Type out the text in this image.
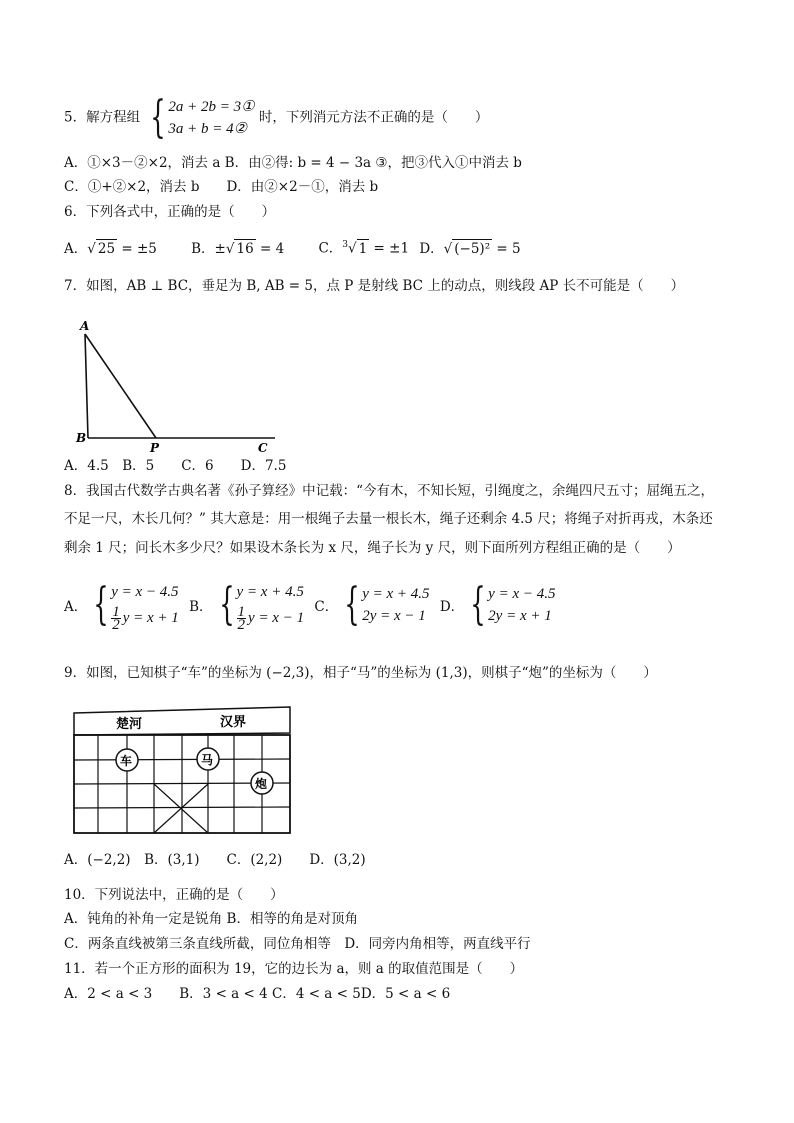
5．解方程组 { 2a + 2b = 3①
3a + b = 4②
时，下列消元方法不正确的是（　　）
A．①×3－②×2，消去 a B．由②得: b = 4 − 3a ③，把③代入①中消去 b
C．①+②×2，消去 b　　D．由②×2－①，消去 b
6．下列各式中，正确的是（　　）
A．√ 25 = ±5	B．±√ 16 = 4	C．$^3$√ 1 = ±1 D．√ (−5)² = 5
7．如图，AB ⊥ BC，垂足为 B, AB = 5，点 P 是射线 BC 上的动点，则线段 AP 长不可能是（　　）
A
B
P	C
A．4.5　B．5　　C．6　　D．7.5
8．我国古代数学古典名著《孙子算经》中记载：“今有木，不知长短，引绳度之，余绳四尺五寸；屈绳五之，
不足一尺，木长几何？” 其大意是：用一根绳子去量一根长木，绳子还剩余 4.5 尺；将绳子对折再戎，木条还
剩余 1 尺；问长木多少尺？如果设木条长为 x 尺，绳子长为 y 尺，则下面所列方程组正确的是（　　）
A． { y = x − 4.5
$\frac{1}{2}$ y = x + 1

B． { y = x + 4.5
$\frac{1}{2}$ y = x − 1

C． { y = x + 4.5
2y = x − 1

D． { y = x − 4.5
2y = x + 1
9．如图，已知棋子“车”的坐标为 (−2,3)，相子“马”的坐标为 (1,3)，则棋子“炮”的坐标为（　　）
楚河	汉界
车	马
炮
A．(−2,2)　B．(3,1)　　C．(2,2)　　D．(3,2)
10．下列说法中，正确的是（　　）
A．钝角的补角一定是锐角 B．相等的角是对顶角
C．两条直线被第三条直线所截，同位角相等　D．同旁内角相等，两直线平行
11．若一个正方形的面积为 19，它的边长为 a，则 a 的取值范围是（　　）
A．2 < a < 3　　B．3 < a < 4 C．4 < a < 5D．5 < a < 6
